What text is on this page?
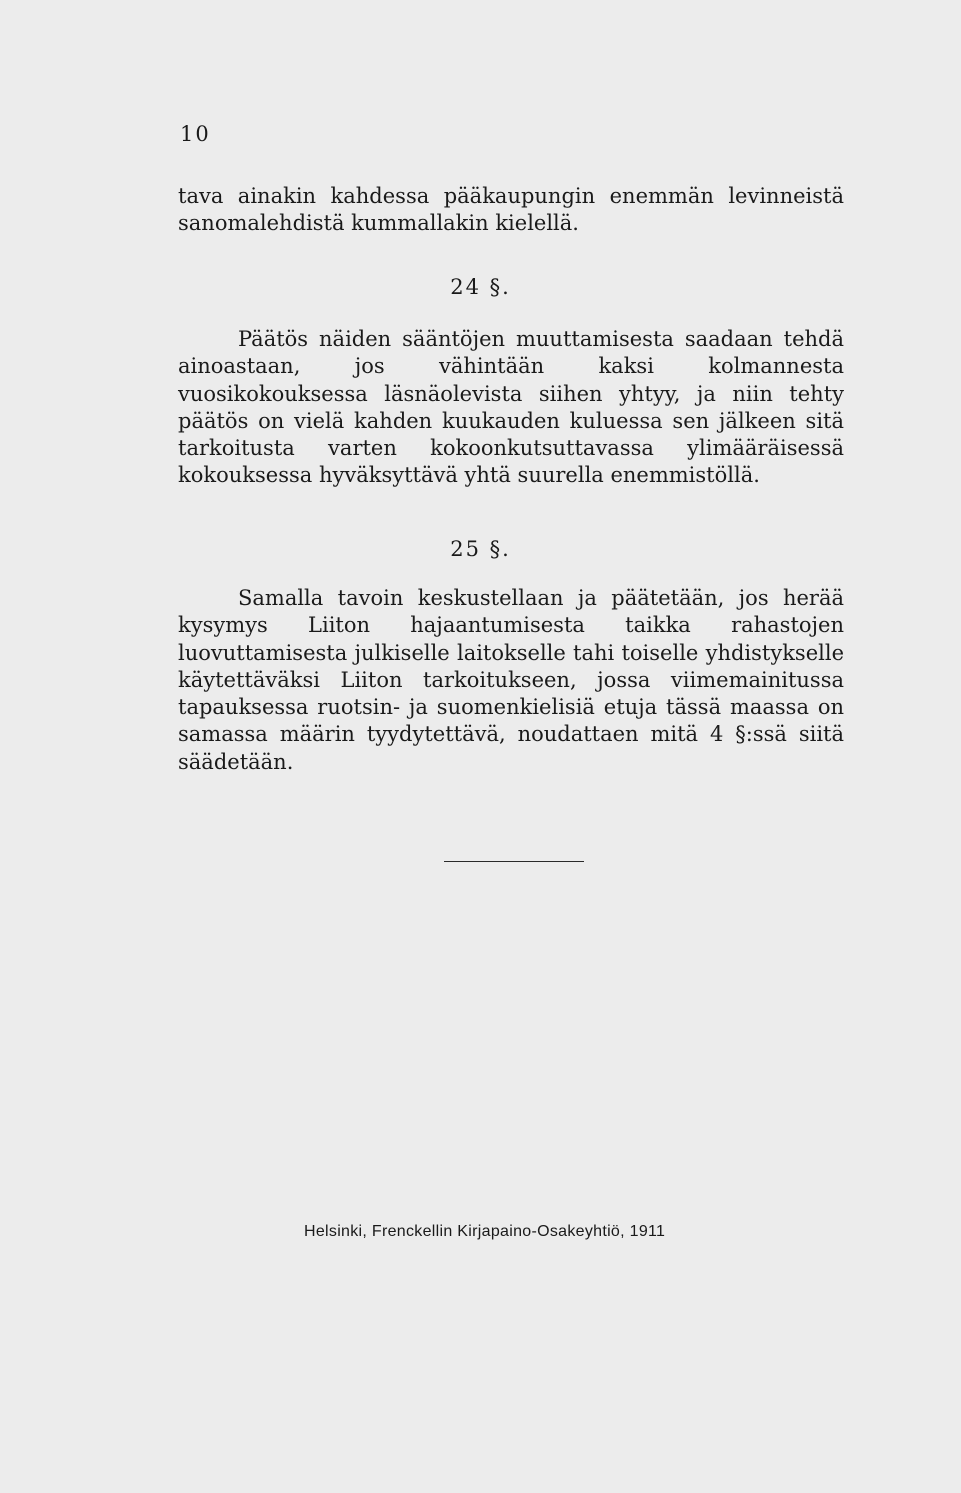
10

tava ainakin kahdessa pääkaupungin enemmän levinneistä sanomalehdistä kummallakin kielellä.

24 §.

Päätös näiden sääntöjen muuttamisesta saadaan tehdä ainoastaan, jos vähintään kaksi kolmannesta vuosikokouksessa läsnäolevista siihen yhtyy, ja niin tehty päätös on vielä kahden kuukauden kuluessa sen jälkeen sitä tarkoitusta varten kokoonkutsuttavassa ylimääräisessä kokouksessa hyväksyttävä yhtä suurella enemmistöllä.

25 §.

Samalla tavoin keskustellaan ja päätetään, jos herää kysymys Liiton hajaantumisesta taikka rahastojen luovuttamisesta julkiselle laitokselle tahi toiselle yhdistykselle käytettäväksi Liiton tarkoitukseen, jossa viimemainitussa tapauksessa ruotsin- ja suomenkielisiä etuja tässä maassa on samassa määrin tyydytettävä, noudattaen mitä 4 §:ssä siitä säädetään.

Helsinki, Frenckellin Kirjapaino-Osakeyhtiö, 1911
